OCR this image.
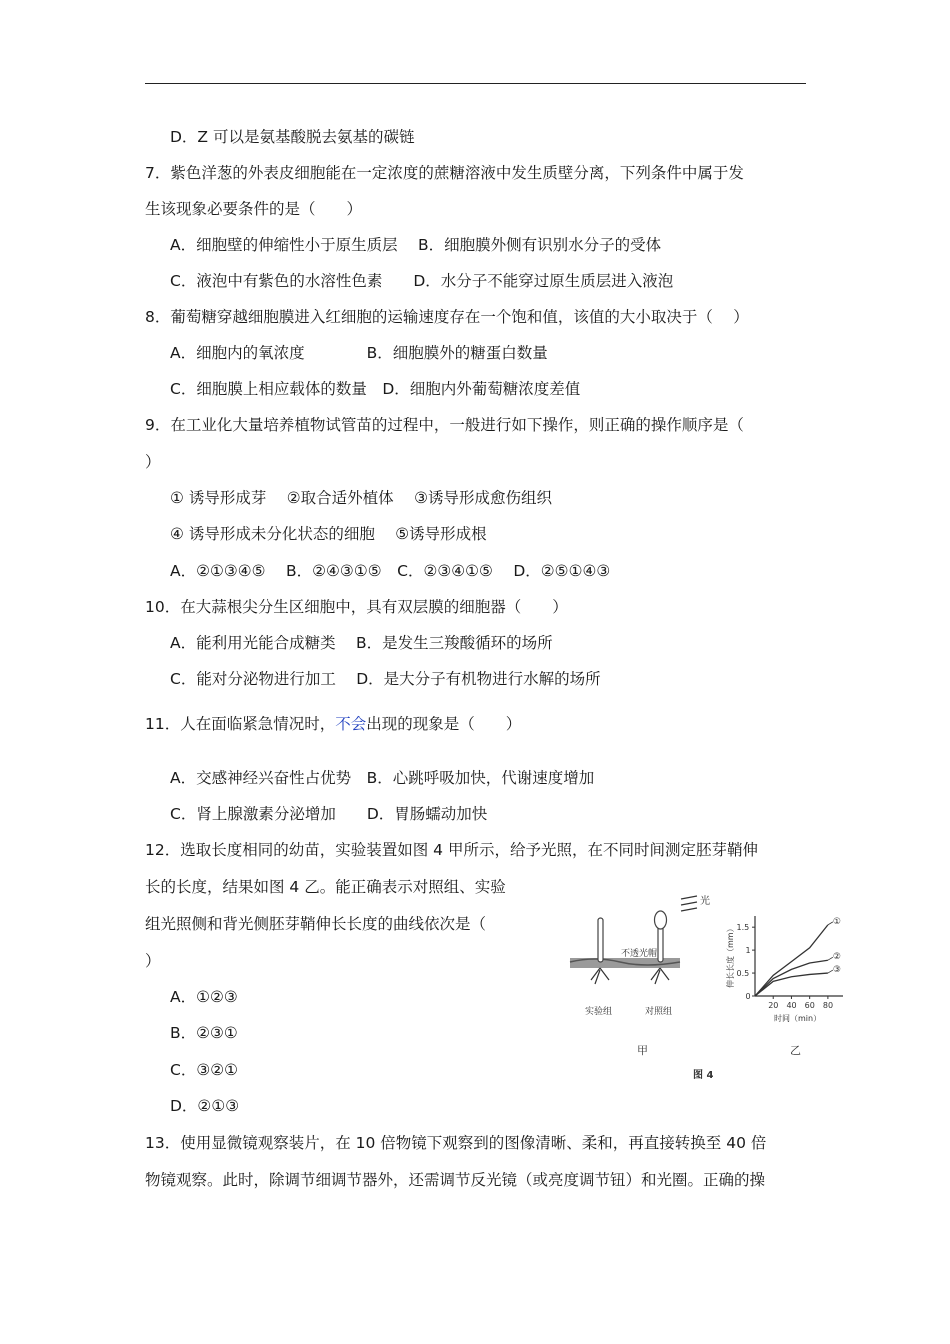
D．Z 可以是氨基酸脱去氨基的碳链
7．紫色洋葱的外表皮细胞能在一定浓度的蔗糖溶液中发生质壁分离，下列条件中属于发
生该现象必要条件的是（　　）
A．细胞壁的伸缩性小于原生质层　 B．细胞膜外侧有识别水分子的受体
C．液泡中有紫色的水溶性色素　　D．水分子不能穿过原生质层进入液泡
8．葡萄糖穿越细胞膜进入红细胞的运输速度存在一个饱和值，该值的大小取决于（　 ）
A．细胞内的氧浓度　　　　B．细胞膜外的糖蛋白数量
C．细胞膜上相应载体的数量　D．细胞内外葡萄糖浓度差值
9．在工业化大量培养植物试管苗的过程中，一般进行如下操作，则正确的操作顺序是（
）
① 诱导形成芽　 ②取合适外植体　 ③诱导形成愈伤组织
④ 诱导形成未分化状态的细胞　 ⑤诱导形成根
A．②①③④⑤　 B．②④③①⑤　C．②③④①⑤　 D．②⑤①④③
10．在大蒜根尖分生区细胞中，具有双层膜的细胞器（　　）
A．能利用光能合成糖类　 B．是发生三羧酸循环的场所
C．能对分泌物进行加工　 D．是大分子有机物进行水解的场所
11．人在面临紧急情况时，不会出现的现象是（　　）
A．交感神经兴奋性占优势　B．心跳呼吸加快，代谢速度增加
C．肾上腺激素分泌增加　　D．胃肠蠕动加快
12．选取长度相同的幼苗，实验装置如图 4 甲所示，给予光照，在不同时间测定胚芽鞘伸
长的长度，结果如图 4 乙。能正确表示对照组、实验
组光照侧和背光侧胚芽鞘伸长长度的曲线依次是（
）
A．①②③
B．②③①
C．③②①
D．②①③
光
不透光帽
实验组	对照组
甲
伸长长度（mm）
时间（min）
20 40 60 80
0
0.5
1
1.5
①
②
③
乙
图 4
13．使用显微镜观察装片，在 10 倍物镜下观察到的图像清晰、柔和，再直接转换至 40 倍
物镜观察。此时，除调节细调节器外，还需调节反光镜（或亮度调节钮）和光圈。正确的操
